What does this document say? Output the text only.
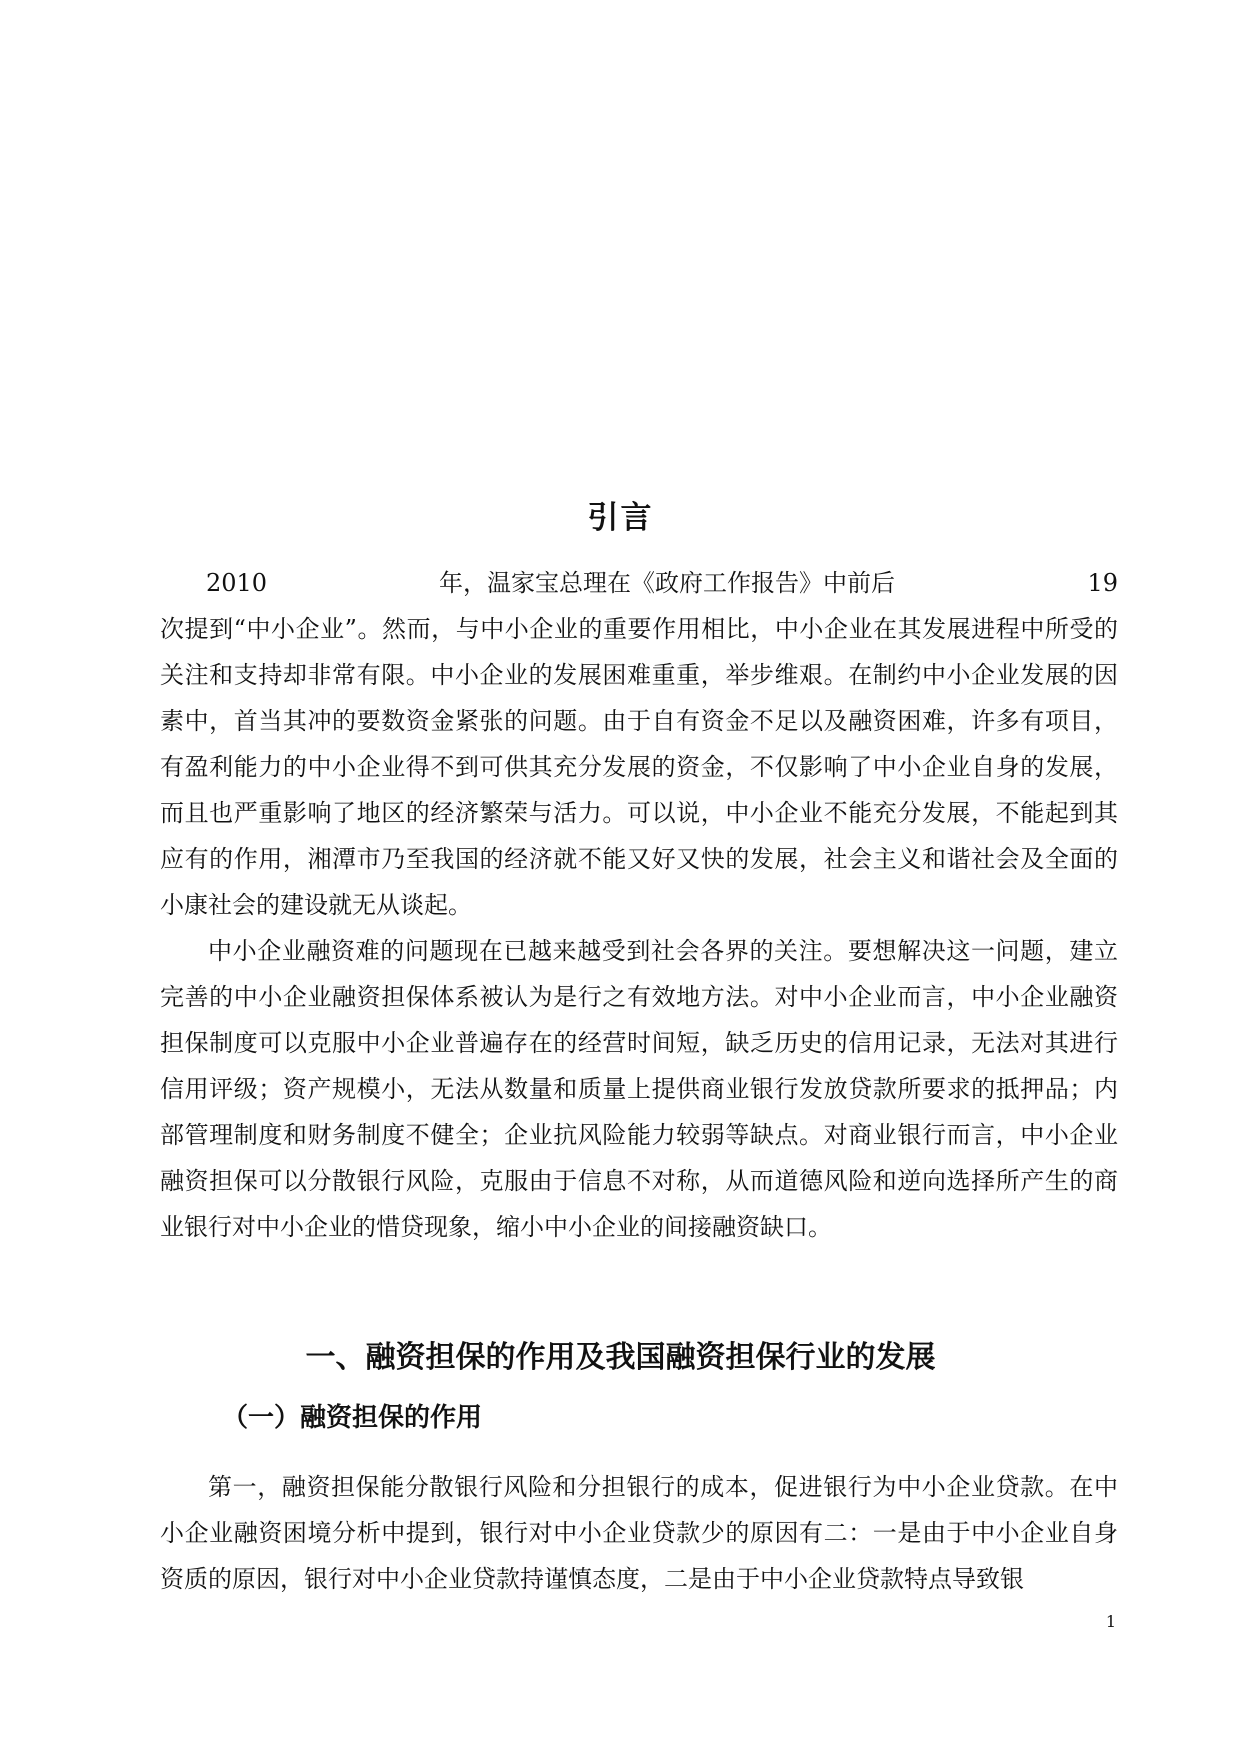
引言
2010	年，温家宝总理在《政府工作报告》中前后	19

次提到“中小企业”。然而，与中小企业的重要作用相比，中小企业在其发展进程中所受的关注和支持却非常有限。中小企业的发展困难重重，举步维艰。在制约中小企业发展的因素中，首当其冲的要数资金紧张的问题。由于自有资金不足以及融资困难，许多有项目，有盈利能力的中小企业得不到可供其充分发展的资金，不仅影响了中小企业自身的发展，而且也严重影响了地区的经济繁荣与活力。可以说，中小企业不能充分发展，不能起到其应有的作用，湘潭市乃至我国的经济就不能又好又快的发展，社会主义和谐社会及全面的小康社会的建设就无从谈起。

中小企业融资难的问题现在已越来越受到社会各界的关注。要想解决这一问题，建立完善的中小企业融资担保体系被认为是行之有效地方法。对中小企业而言，中小企业融资担保制度可以克服中小企业普遍存在的经营时间短，缺乏历史的信用记录，无法对其进行信用评级；资产规模小，无法从数量和质量上提供商业银行发放贷款所要求的抵押品；内部管理制度和财务制度不健全；企业抗风险能力较弱等缺点。对商业银行而言，中小企业融资担保可以分散银行风险，克服由于信息不对称，从而道德风险和逆向选择所产生的商业银行对中小企业的惜贷现象，缩小中小企业的间接融资缺口。

一、融资担保的作用及我国融资担保行业的发展
（一）融资担保的作用

第一，融资担保能分散银行风险和分担银行的成本，促进银行为中小企业贷款。在中小企业融资困境分析中提到，银行对中小企业贷款少的原因有二：一是由于中小企业自身资质的原因，银行对中小企业贷款持谨慎态度，二是由于中小企业贷款特点导致银

1
